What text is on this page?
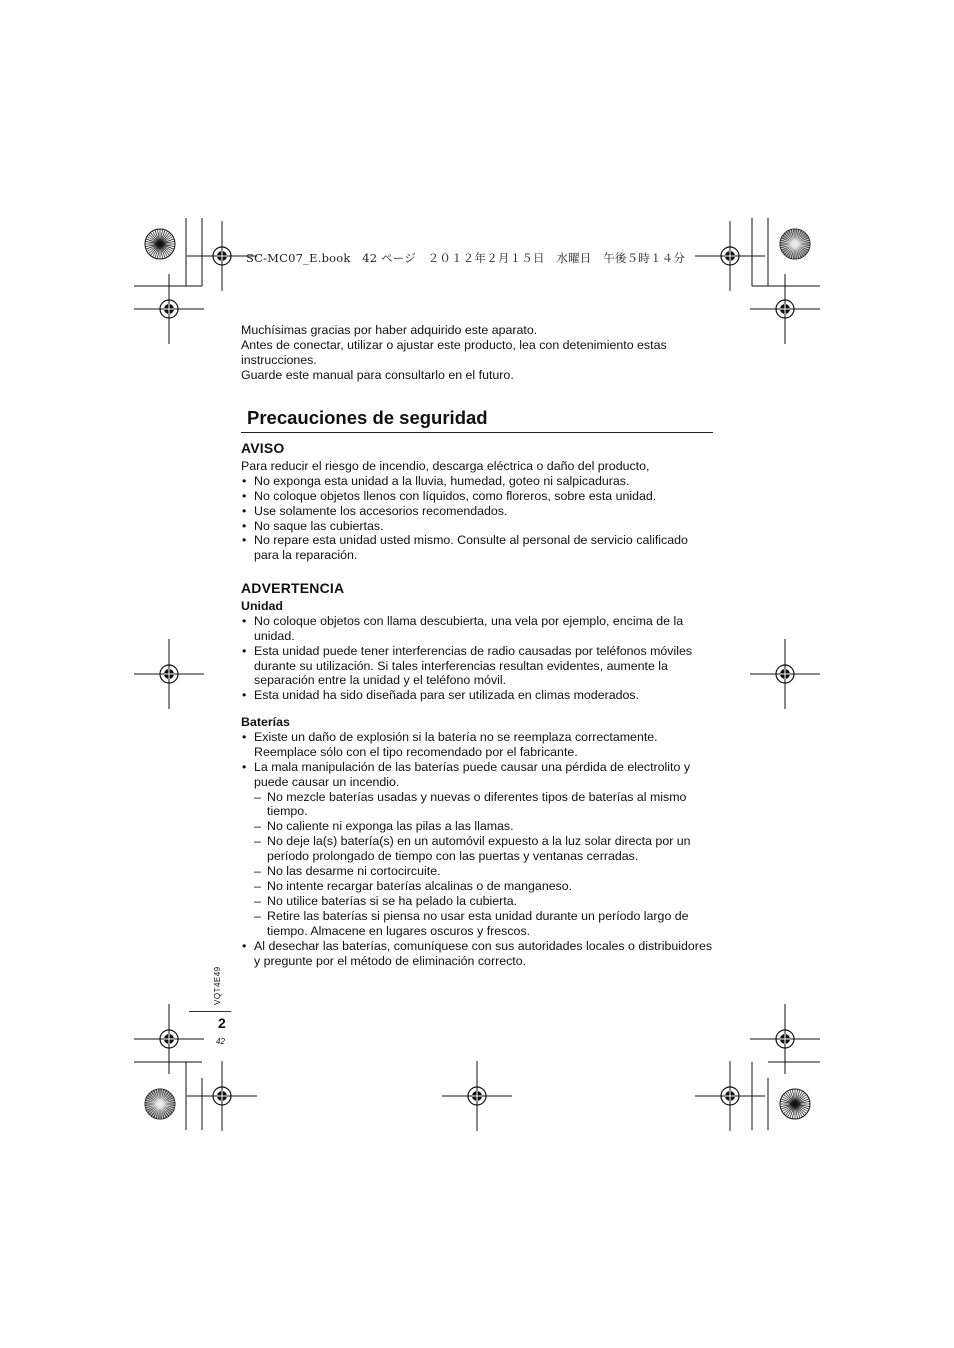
SC-MC07_E.book　42 ページ　２０１２年２月１５日　水曜日　午後５時１４分

Muchísimas gracias por haber adquirido este aparato.

Antes de conectar, utilizar o ajustar este producto, lea con detenimiento estas instrucciones.

Guarde este manual para consultarlo en el futuro.

Precauciones de seguridad
AVISO

Para reducir el riesgo de incendio, descarga eléctrica o daño del producto,

• No exponga esta unidad a la lluvia, humedad, goteo ni salpicaduras.
• No coloque objetos llenos con líquidos, como floreros, sobre esta unidad.
• Use solamente los accesorios recomendados.
• No saque las cubiertas.
• No repare esta unidad usted mismo. Consulte al personal de servicio calificado para la reparación.
ADVERTENCIA
Unidad
• No coloque objetos con llama descubierta, una vela por ejemplo, encima de la unidad.
• Esta unidad puede tener interferencias de radio causadas por teléfonos móviles durante su utilización. Si tales interferencias resultan evidentes, aumente la separación entre la unidad y el teléfono móvil.
• Esta unidad ha sido diseñada para ser utilizada en climas moderados.
Baterías
• Existe un daño de explosión si la batería no se reemplaza correctamente. Reemplace sólo con el tipo recomendado por el fabricante.
• La mala manipulación de las baterías puede causar una pérdida de electrolito y puede causar un incendio.
– No mezcle baterías usadas y nuevas o diferentes tipos de baterías al mismo tiempo.
– No caliente ni exponga las pilas a las llamas.
– No deje la(s) batería(s) en un automóvil expuesto a la luz solar directa por un período prolongado de tiempo con las puertas y ventanas cerradas.
– No las desarme ni cortocircuite.
– No intente recargar baterías alcalinas o de manganeso.
– No utilice baterías si se ha pelado la cubierta.
– Retire las baterías si piensa no usar esta unidad durante un período largo de tiempo. Almacene en lugares oscuros y frescos.
• Al desechar las baterías, comuníquese con sus autoridades locales o distribuidores y pregunte por el método de eliminación correcto.
VQT4E49
2
42
